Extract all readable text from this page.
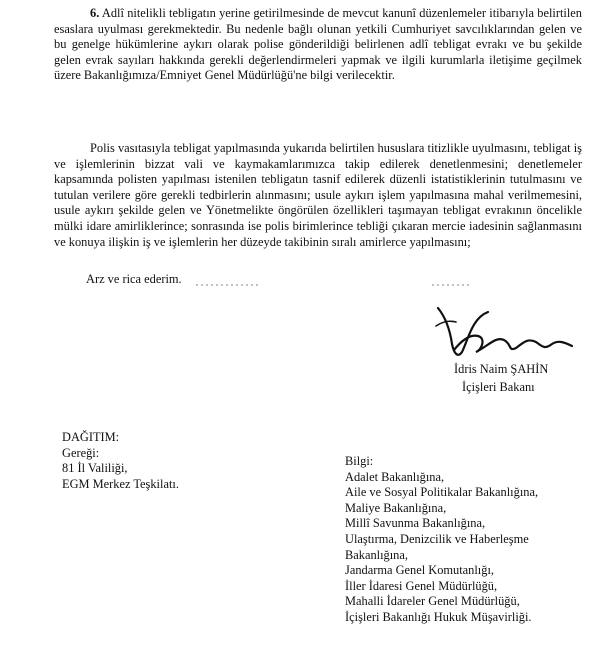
6. Adlî nitelikli tebligatın yerine getirilmesinde de mevcut kanunî düzenlemeler itibarıyla belirtilen esaslara uyulması gerekmektedir. Bu nedenle bağlı olunan yetkili Cumhuriyet savcılıklarından gelen ve bu genelge hükümlerine aykırı olarak polise gönderildiği belirlenen adlî tebligat evrakı ve bu şekilde gelen evrak sayıları hakkında gerekli değerlendirmeleri yapmak ve ilgili kurumlarla iletişime geçilmek üzere Bakanlığımıza/Emniyet Genel Müdürlüğü'ne bilgi verilecektir.
Polis vasıtasıyla tebligat yapılmasında yukarıda belirtilen hususlara titizlikle uyulmasını, tebligat iş ve işlemlerinin bizzat vali ve kaymakamlarımızca takip edilerek denetlenmesini; denetlemeler kapsamında polisten yapılması istenilen tebligatın tasnif edilerek düzenli istatistiklerinin tutulmasını ve tutulan verilere göre gerekli tedbirlerin alınmasını; usule aykırı işlem yapılmasına mahal verilmemesini, usule aykırı şekilde gelen ve Yönetmelikte öngörülen özellikleri taşımayan tebligat evrakının öncelikle mülki idare amirliklerince; sonrasında ise polis birimlerince tebliği çıkaran mercie iadesinin sağlanmasını ve konuya ilişkin iş ve işlemlerin her düzeyde takibinin sıralı amirlerce yapılmasını;
Arz ve rica ederim.
İdris Naim ŞAHİN
İçişleri Bakanı
DAĞITIM:
Gereği:
81 İl Valiliği,
EGM Merkez Teşkilatı.
Bilgi:
Adalet Bakanlığına,
Aile ve Sosyal Politikalar Bakanlığına,
Maliye Bakanlığına,
Millî Savunma Bakanlığına,
Ulaştırma, Denizcilik ve Haberleşme
Bakanlığına,
Jandarma Genel Komutanlığı,
İller İdaresi Genel Müdürlüğü,
Mahalli İdareler Genel Müdürlüğü,
İçişleri Bakanlığı Hukuk Müşavirliği.
